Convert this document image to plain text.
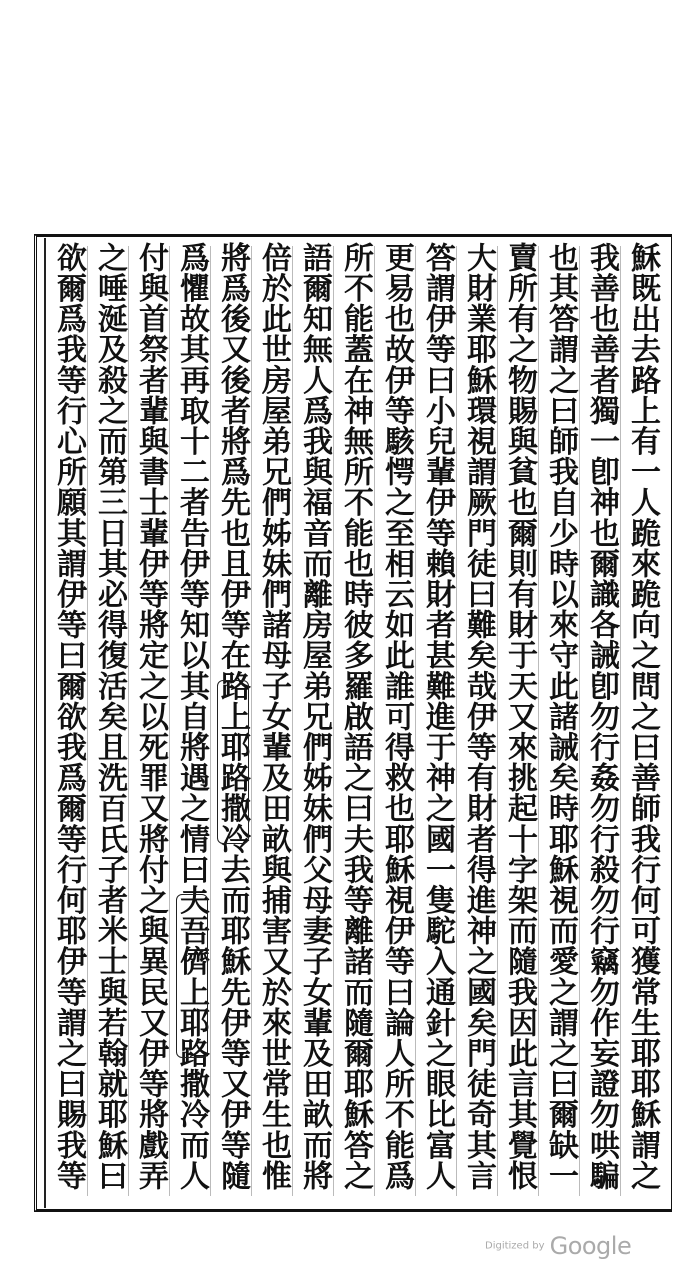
穌既出去路上有一人跪來跪向之問之曰善師我行何可獲常生耶耶穌謂之
我善也善者獨一卽神也爾識各誡卽勿行姦勿行殺勿行竊勿作妄證勿哄騙
也其答謂之曰師我自少時以來守此諸誡矣時耶穌視而愛之謂之曰爾缺一
賣所有之物賜與貧也爾則有財于天又來挑起十字架而隨我因此言其覺恨
大財業耶穌環視謂厥門徒曰難矣哉伊等有財者得進神之國矣門徒奇其言
答謂伊等曰小兒輩伊等賴財者甚難進于神之國一隻駝入通針之眼比富人
更易也故伊等駭愕之至相云如此誰可得救也耶穌視伊等曰論人所不能爲
所不能蓋在神無所不能也時彼多羅啟語之曰夫我等離諸而隨爾耶穌答之
語爾知無人爲我與福音而離房屋弟兄們姊妹們父母妻子女輩及田畝而將
倍於此世房屋弟兄們姊妹們諸母子女輩及田畝與捕害又於來世常生也惟
將爲後又後者將爲先也且伊等在路上耶路撒冷去而耶穌先伊等又伊等隨
爲懼故其再取十二者告伊等知以其自將遇之情曰夫吾儕上耶路撒冷而人
付與首祭者輩與書士輩伊等將定之以死罪又將付之與異民又伊等將戲弄
之唾涎及殺之而第三日其必得復活矣且洗百氏子者米士與若翰就耶穌曰
欲爾爲我等行心所願其謂伊等曰爾欲我爲爾等行何耶伊等謂之曰賜我等
Digitized by Google
